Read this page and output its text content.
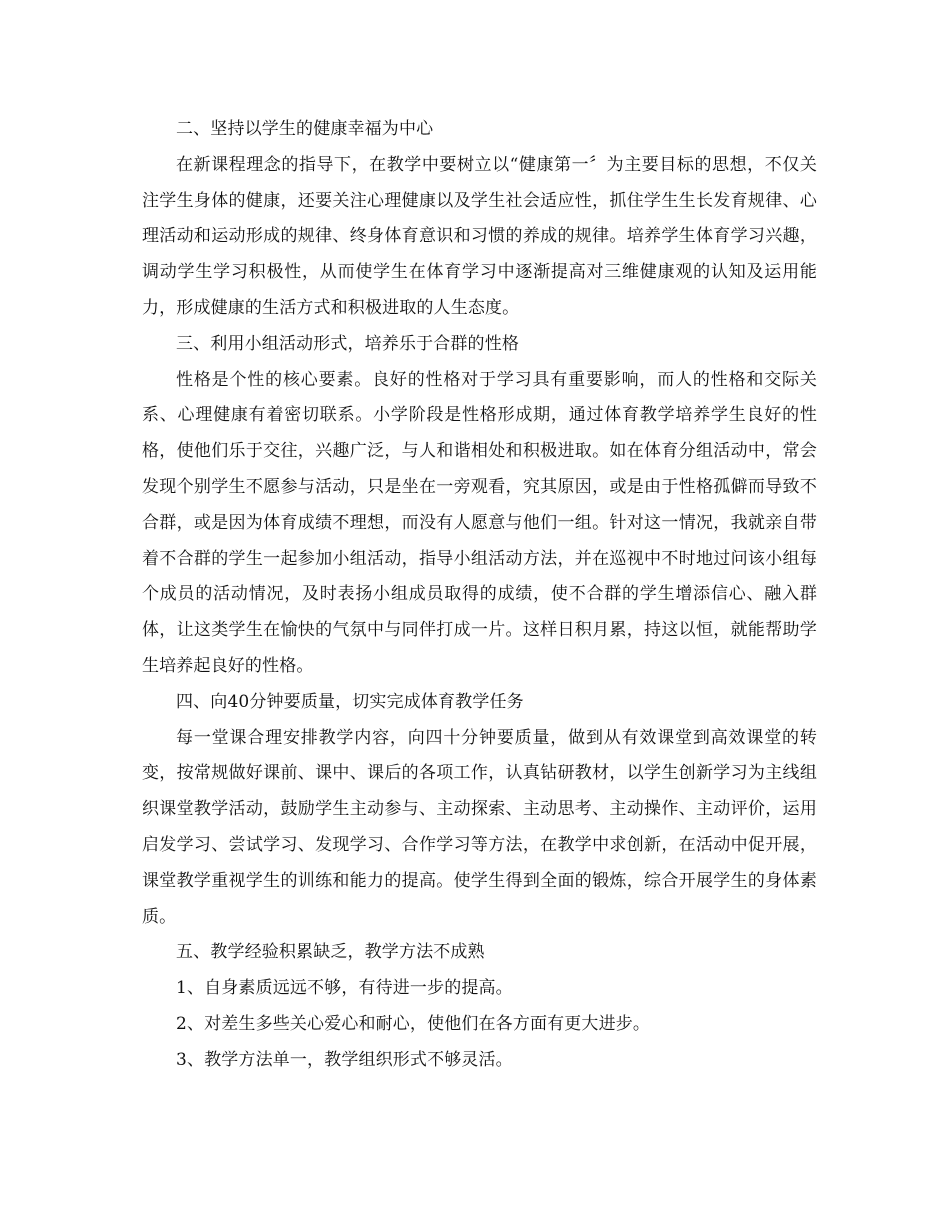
二、坚持以学生的健康幸福为中心

在新课程理念的指导下，在教学中要树立以“健康第一〞为主要目标的思想，不仅关注学生身体的健康，还要关注心理健康以及学生社会适应性，抓住学生生长发育规律、心理活动和运动形成的规律、终身体育意识和习惯的养成的规律。培养学生体育学习兴趣，调动学生学习积极性，从而使学生在体育学习中逐渐提高对三维健康观的认知及运用能力，形成健康的生活方式和积极进取的人生态度。

三、利用小组活动形式，培养乐于合群的性格

性格是个性的核心要素。良好的性格对于学习具有重要影响，而人的性格和交际关系、心理健康有着密切联系。小学阶段是性格形成期，通过体育教学培养学生良好的性格，使他们乐于交往，兴趣广泛，与人和谐相处和积极进取。如在体育分组活动中，常会发现个别学生不愿参与活动，只是坐在一旁观看，究其原因，或是由于性格孤僻而导致不合群，或是因为体育成绩不理想，而没有人愿意与他们一组。针对这一情况，我就亲自带着不合群的学生一起参加小组活动，指导小组活动方法，并在巡视中不时地过问该小组每个成员的活动情况，及时表扬小组成员取得的成绩，使不合群的学生增添信心、融入群体，让这类学生在愉快的气氛中与同伴打成一片。这样日积月累，持这以恒，就能帮助学生培养起良好的性格。

四、向40分钟要质量，切实完成体育教学任务

每一堂课合理安排教学内容，向四十分钟要质量，做到从有效课堂到高效课堂的转变，按常规做好课前、课中、课后的各项工作，认真钻研教材，以学生创新学习为主线组织课堂教学活动，鼓励学生主动参与、主动探索、主动思考、主动操作、主动评价，运用启发学习、尝试学习、发现学习、合作学习等方法，在教学中求创新，在活动中促开展，课堂教学重视学生的训练和能力的提高。使学生得到全面的锻炼，综合开展学生的身体素质。

五、教学经验积累缺乏，教学方法不成熟

1、自身素质远远不够，有待进一步的提高。

2、对差生多些关心爱心和耐心，使他们在各方面有更大进步。

3、教学方法单一，教学组织形式不够灵活。
